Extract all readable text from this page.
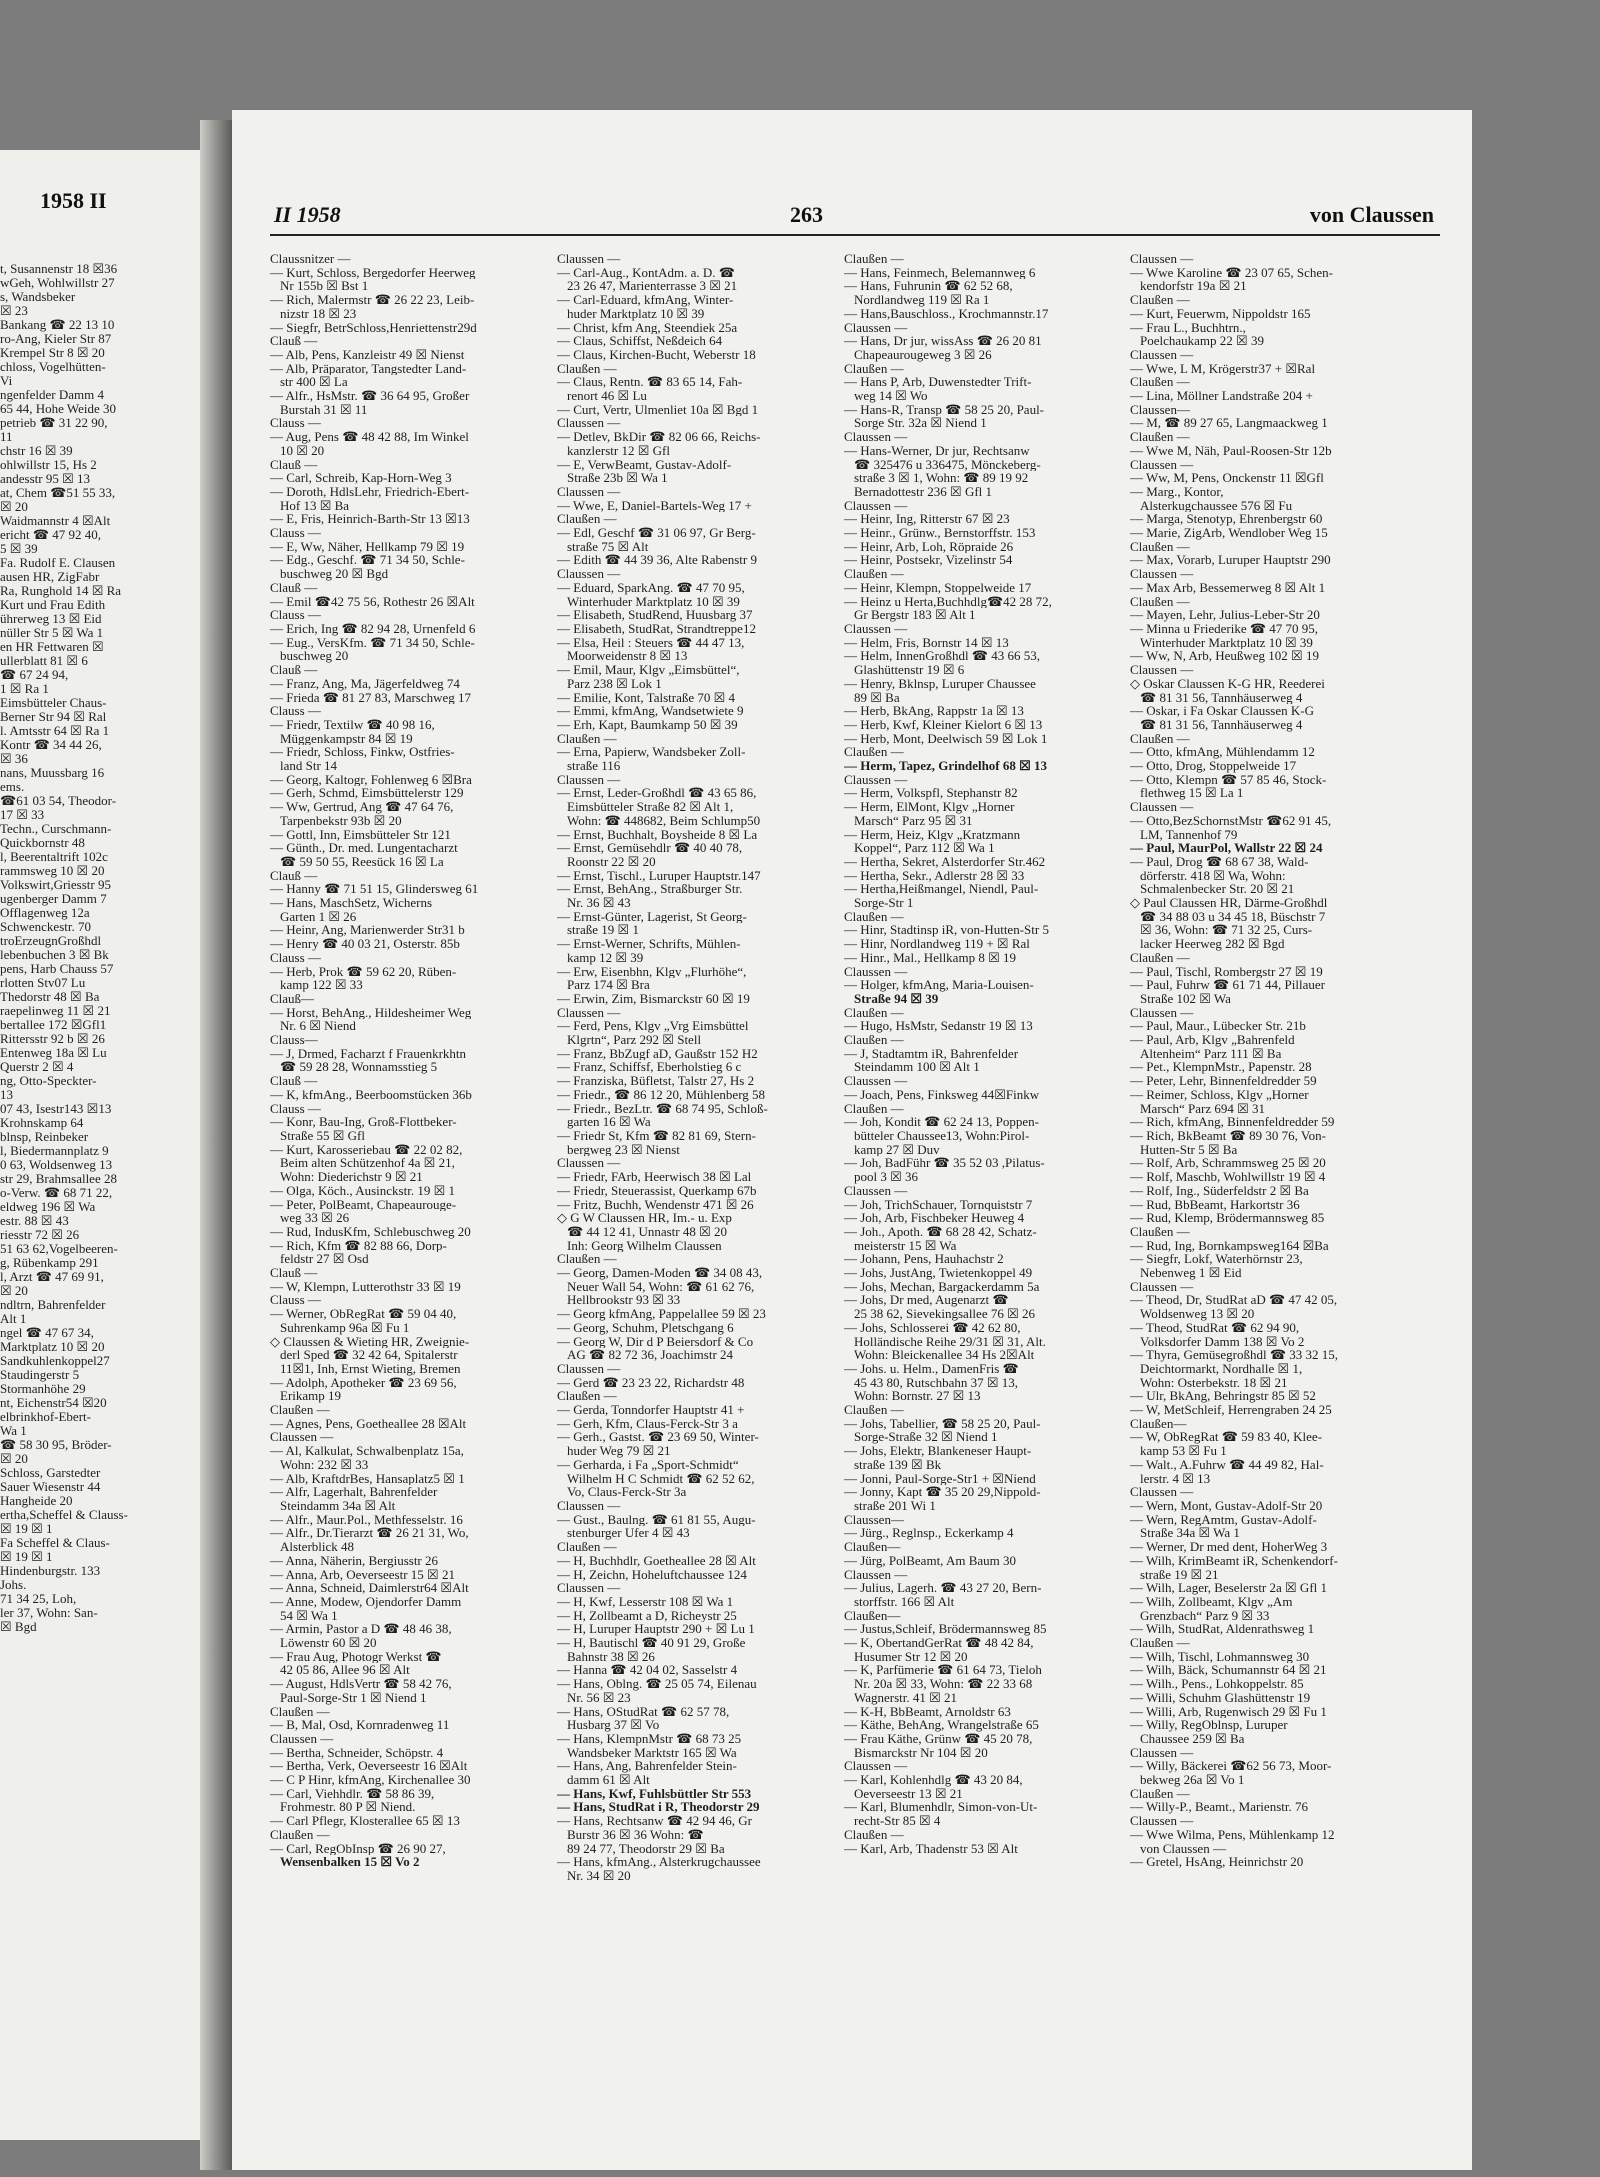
1958 II
t, Susannenstr 18 ☒36
wGeh, Wohlwillstr 27
s, Wandsbeker
☒ 23
Bankang ☎ 22 13 10
ro-Ang, Kieler Str 87
Krempel Str 8 ☒ 20
chloss, Vogelhütten-
Vi
ngenfelder Damm 4
65 44, Hohe Weide 30
petrieb ☎ 31 22 90,
11
chstr 16 ☒ 39
ohlwillstr 15, Hs 2
andesstr 95 ☒ 13
at, Chem ☎51 55 33,
☒ 20
Waidmannstr 4 ☒Alt
ericht ☎ 47 92 40,
5 ☒ 39
Fa. Rudolf E. Clausen
ausen HR, ZigFabr
Ra, Runghold 14 ☒ Ra
Kurt und Frau Edith
ührerweg 13 ☒ Eid
nüller Str 5 ☒ Wa 1
en HR Fettwaren ☒
ullerblatt 81 ☒ 6
☎ 67 24 94,
1 ☒ Ra 1
Eimsbütteler Chaus-
Berner Str 94 ☒ Ral
l. Amtsstr 64 ☒ Ra 1
Kontr ☎ 34 44 26,
☒ 36
nans, Muussbarg 16
ems.
☎61 03 54, Theodor-
17 ☒ 33
Techn., Curschmann-
Quickbornstr 48
l, Beerentaltrift 102c
rammsweg 10 ☒ 20
Volkswirt,Griesstr 95
ugenberger Damm 7
Offlagenweg 12a
Schwenckestr. 70
troErzeugnGroßhdl
lebenbuchen 3 ☒ Bk
pens, Harb Chauss 57
rlotten Stv07 Lu
Thedorstr 48 ☒ Ba
raepelinweg 11 ☒ 21
bertallee 172 ☒Gfl1
Rittersstr 92 b ☒ 26
Entenweg 18a ☒ Lu
Querstr 2 ☒ 4
ng, Otto-Speckter-
13
07 43, Isestr143 ☒13
Krohnskamp 64
blnsp, Reinbeker
l, Biedermannplatz 9
0 63, Woldsenweg 13
str 29, Brahmsallee 28
o-Verw. ☎ 68 71 22,
eldweg 196 ☒ Wa
estr. 88 ☒ 43
riesstr 72 ☒ 26
51 63 62,Vogelbeeren-
g, Rübenkamp 291
l, Arzt ☎ 47 69 91,
☒ 20
ndltrn, Bahrenfelder
Alt 1
ngel ☎ 47 67 34,
Marktplatz 10 ☒ 20
Sandkuhlenkoppel27
Staudingerstr 5
Stormanhöhe 29
nt, Eichenstr54 ☒20
elbrinkhof-Ebert-
Wa 1
☎ 58 30 95, Bröder-
☒ 20
Schloss, Garstedter
Sauer Wiesenstr 44
Hangheide 20
ertha,Scheffel & Clauss-
☒ 19 ☒ 1
Fa Scheffel & Claus-
☒ 19 ☒ 1
Hindenburgstr. 133
Johs.
71 34 25, Loh,
ler 37, Wohn: San-
☒ Bgd
II 1958	263	von Claussen
Claussnitzer —
— Kurt, Schloss, Bergedorfer Heerweg
Nr 155b ☒ Bst 1
— Rich, Malermstr ☎ 26 22 23, Leib-
nizstr 18 ☒ 23
— Siegfr, BetrSchloss,Henriettenstr29d
Clauß —
— Alb, Pens, Kanzleistr 49 ☒ Nienst
— Alb, Präparator, Tangstedter Land-
str 400 ☒ La
— Alfr., HsMstr. ☎ 36 64 95, Großer
Burstah 31 ☒ 11
Clauss —
— Aug, Pens ☎ 48 42 88, Im Winkel
10 ☒ 20
Clauß —
— Carl, Schreib, Kap-Horn-Weg 3
— Doroth, HdlsLehr, Friedrich-Ebert-
Hof 13 ☒ Ba
— E, Fris, Heinrich-Barth-Str 13 ☒13
Clauss —
— E, Ww, Näher, Hellkamp 79 ☒ 19
— Edg., Geschf. ☎ 71 34 50, Schle-
buschweg 20 ☒ Bgd
Clauß —
— Emil ☎42 75 56, Rothestr 26 ☒Alt
Clauss —
— Erich, Ing ☎ 82 94 28, Urnenfeld 6
— Eug., VersKfm. ☎ 71 34 50, Schle-
buschweg 20
Clauß —
— Franz, Ang, Ma, Jägerfeldweg 74
— Frieda ☎ 81 27 83, Marschweg 17
Clauss —
— Friedr, Textilw ☎ 40 98 16,
Müggenkampstr 84 ☒ 19
— Friedr, Schloss, Finkw, Ostfries-
land Str 14
— Georg, Kaltogr, Fohlenweg 6 ☒Bra
— Gerh, Schmd, Eimsbüttelerstr 129
— Ww, Gertrud, Ang ☎ 47 64 76,
Tarpenbekstr 93b ☒ 20
— Gottl, Inn, Eimsbütteler Str 121
— Günth., Dr. med. Lungentacharzt
☎ 59 50 55, Reesück 16 ☒ La
Clauß —
— Hanny ☎ 71 51 15, Glindersweg 61
— Hans, MaschSetz, Wicherns
Garten 1 ☒ 26
— Heinr, Ang, Marienwerder Str31 b
— Henry ☎ 40 03 21, Osterstr. 85b
Clauss —
— Herb, Prok ☎ 59 62 20, Rüben-
kamp 122 ☒ 33
Clauß—
— Horst, BehAng., Hildesheimer Weg
Nr. 6 ☒ Niend
Clauss—
— J, Drmed, Facharzt f Frauenkrkhtn
☎ 59 28 28, Wonnamsstieg 5
Clauß —
— K, kfmAng., Beerboomstücken 36b
Clauss —
— Konr, Bau-Ing, Groß-Flottbeker-
Straße 55 ☒ Gfl
— Kurt, Karosseriebau ☎ 22 02 82,
Beim alten Schützenhof 4a ☒ 21,
Wohn: Diederichstr 9 ☒ 21
— Olga, Köch., Ausinckstr. 19 ☒ 1
— Peter, PolBeamt, Chapeaurouge-
weg 33 ☒ 26
— Rud, IndusKfm, Schlebuschweg 20
— Rich, Kfm ☎ 82 88 66, Dorp-
feldstr 27 ☒ Osd
Clauß —
— W, Klempn, Lutterothstr 33 ☒ 19
Clauss —
— Werner, ObRegRat ☎ 59 04 40,
Suhrenkamp 96a ☒ Fu 1
◇ Claussen & Wieting HR, Zweignie-
derl Sped ☎ 32 42 64, Spitalerstr
11☒1, Inh, Ernst Wieting, Bremen
— Adolph, Apotheker ☎ 23 69 56,
Erikamp 19
Claußen —
— Agnes, Pens, Goetheallee 28 ☒Alt
Claussen —
— Al, Kalkulat, Schwalbenplatz 15a,
Wohn: 232 ☒ 33
— Alb, KraftdrBes, Hansaplatz5 ☒ 1
— Alfr, Lagerhalt, Bahrenfelder
Steindamm 34a ☒ Alt
— Alfr., Maur.Pol., Methfesselstr. 16
— Alfr., Dr.Tierarzt ☎ 26 21 31, Wo,
Alsterblick 48
— Anna, Näherin, Bergiusstr 26
— Anna, Arb, Oeverseestr 15 ☒ 21
— Anna, Schneid, Daimlerstr64 ☒Alt
— Anne, Modew, Ojendorfer Damm
54 ☒ Wa 1
— Armin, Pastor a D ☎ 48 46 38,
Löwenstr 60 ☒ 20
— Frau Aug, Photogr Werkst ☎
42 05 86, Allee 96 ☒ Alt
— August, HdlsVertr ☎ 58 42 76,
Paul-Sorge-Str 1 ☒ Niend 1
Claußen —
— B, Mal, Osd, Kornradenweg 11
Claussen —
— Bertha, Schneider, Schöpstr. 4
— Bertha, Verk, Oeverseestr 16 ☒Alt
— C P Hinr, kfmAng, Kirchenallee 30
— Carl, Viehhdlr. ☎ 58 86 39,
Frohmestr. 80 P ☒ Niend.
— Carl Pflegr, Klosterallee 65 ☒ 13
Claußen —
— Carl, RegObInsp ☎ 26 90 27,
Wensenbalken 15 ☒ Vo 2
Claussen —
— Carl-Aug., KontAdm. a. D. ☎
23 26 47, Marienterrasse 3 ☒ 21
— Carl-Eduard, kfmAng, Winter-
huder Marktplatz 10 ☒ 39
— Christ, kfm Ang, Steendiek 25a
— Claus, Schiffst, Neßdeich 64
— Claus, Kirchen-Bucht, Weberstr 18
Claußen —
— Claus, Rentn. ☎ 83 65 14, Fah-
renort 46 ☒ Lu
— Curt, Vertr, Ulmenliet 10a ☒ Bgd 1
Claussen —
— Detlev, BkDir ☎ 82 06 66, Reichs-
kanzlerstr 12 ☒ Gfl
— E, VerwBeamt, Gustav-Adolf-
Straße 23b ☒ Wa 1
Claussen —
— Wwe, E, Daniel-Bartels-Weg 17 +
Claußen —
— Edl, Geschf ☎ 31 06 97, Gr Berg-
straße 75 ☒ Alt
— Edith ☎ 44 39 36, Alte Rabenstr 9
Claussen —
— Eduard, SparkAng. ☎ 47 70 95,
Winterhuder Marktplatz 10 ☒ 39
— Elisabeth, StudRend, Huusbarg 37
— Elisabeth, StudRat, Strandtreppe12
— Elsa, Heil : Steuers ☎ 44 47 13,
Moorweidenstr 8 ☒ 13
— Emil, Maur, Klgv „Eimsbüttel“,
Parz 238 ☒ Lok 1
— Emilie, Kont, Talstraße 70 ☒ 4
— Emmi, kfmAng, Wandsetwiete 9
— Erh, Kapt, Baumkamp 50 ☒ 39
Claußen —
— Erna, Papierw, Wandsbeker Zoll-
straße 116
Claussen —
— Ernst, Leder-Großhdl ☎ 43 65 86,
Eimsbütteler Straße 82 ☒ Alt 1,
Wohn: ☎ 448682, Beim Schlump50
— Ernst, Buchhalt, Boysheide 8 ☒ La
— Ernst, Gemüsehdlr ☎ 40 40 78,
Roonstr 22 ☒ 20
— Ernst, Tischl., Luruper Hauptstr.147
— Ernst, BehAng., Straßburger Str.
Nr. 36 ☒ 43
— Ernst-Günter, Lagerist, St Georg-
straße 19 ☒ 1
— Ernst-Werner, Schrifts, Mühlen-
kamp 12 ☒ 39
— Erw, Eisenbhn, Klgv „Flurhöhe“,
Parz 174 ☒ Bra
— Erwin, Zim, Bismarckstr 60 ☒ 19
Claussen —
— Ferd, Pens, Klgv „Vrg Eimsbüttel
Klgrtn“, Parz 292 ☒ Stell
— Franz, BbZugf aD, Gaußstr 152 H2
— Franz, Schiffsf, Eberholstieg 6 c
— Franziska, Büfletst, Talstr 27, Hs 2
— Friedr., ☎ 86 12 20, Mühlenberg 58
— Friedr., BezLtr. ☎ 68 74 95, Schloß-
garten 16 ☒ Wa
— Friedr St, Kfm ☎ 82 81 69, Stern-
bergweg 23 ☒ Nienst
Claussen —
— Friedr, FArb, Heerwisch 38 ☒ Lal
— Friedr, Steuerassist, Querkamp 67b
— Fritz, Buchh, Wendenstr 471 ☒ 26
◇ G W Claussen HR, Im.- u. Exp
☎ 44 12 41, Unnastr 48 ☒ 20
Inh: Georg Wilhelm Claussen
Claußen —
— Georg, Damen-Moden ☎ 34 08 43,
Neuer Wall 54, Wohn: ☎ 61 62 76,
Hellbrookstr 93 ☒ 33
— Georg kfmAng, Pappelallee 59 ☒ 23
— Georg, Schuhm, Pletschgang 6
— Georg W, Dir d P Beiersdorf & Co
AG ☎ 82 72 36, Joachimstr 24
Claussen —
— Gerd ☎ 23 23 22, Richardstr 48
Claußen —
— Gerda, Tonndorfer Hauptstr 41 +
— Gerh, Kfm, Claus-Ferck-Str 3 a
— Gerh., Gastst. ☎ 23 69 50, Winter-
huder Weg 79 ☒ 21
— Gerhardа, i Fa „Sport-Schmidt“
Wilhelm H C Schmidt ☎ 62 52 62,
Vo, Claus-Ferck-Str 3a
Claussen —
— Gust., Baulng. ☎ 61 81 55, Augu-
stenburger Ufer 4 ☒ 43
Claußen —
— H, Buchhdlr, Goetheallee 28 ☒ Alt
— H, Zeichn, Hoheluftchaussee 124
Claussen —
— H, Kwf, Lesserstr 108 ☒ Wa 1
— H, Zollbeamt a D, Richeystr 25
— H, Luruper Hauptstr 290 + ☒ Lu 1
— H, Bautischl ☎ 40 91 29, Große
Bahnstr 38 ☒ 26
— Hanna ☎ 42 04 02, Sasselstr 4
— Hans, Oblng. ☎ 25 05 74, Eilenau
Nr. 56 ☒ 23
— Hans, OStudRat ☎ 62 57 78,
Husbarg 37 ☒ Vo
— Hans, KlempnMstr ☎ 68 73 25
Wandsbeker Marktstr 165 ☒ Wa
— Hans, Ang, Bahrenfelder Stein-
damm 61 ☒ Alt
— Hans, Kwf, Fuhlsbüttler Str 553
— Hans, StudRat i R, Theodorstr 29
— Hans, Rechtsanw ☎ 42 94 46, Gr
Burstr 36 ☒ 36 Wohn: ☎
89 24 77, Theodorstr 29 ☒ Ba
— Hans, kfmAng., Alsterkrugchaussee
Nr. 34 ☒ 20
Claußen —
— Hans, Feinmech, Belemannweg 6
— Hans, Fuhrunin ☎ 62 52 68,
Nordlandweg 119 ☒ Ra 1
— Hans,Bauschloss., Krochmannstr.17
Claussen —
— Hans, Dr jur, wissAss ☎ 26 20 81
Chapeaurougeweg 3 ☒ 26
Claußen —
— Hans P, Arb, Duwenstedter Trift-
weg 14 ☒ Wo
— Hans-R, Transp ☎ 58 25 20, Paul-
Sorge Str. 32a ☒ Niend 1
Claussen —
— Hans-Werner, Dr jur, Rechtsanw
☎ 325476 u 336475, Mönckeberg-
straße 3 ☒ 1, Wohn: ☎ 89 19 92
Bernadottestr 236 ☒ Gfl 1
Claussen —
— Heinr, Ing, Ritterstr 67 ☒ 23
— Heinr., Grünw., Bernstorffstr. 153
— Heinr, Arb, Loh, Röpraide 26
— Heinr, Postsekr, Vizelinstr 54
Claußen —
— Heinr, Klempn, Stoppelweide 17
— Heinz u Herta,Buchhdlg☎42 28 72,
Gr Bergstr 183 ☒ Alt 1
Claussen —
— Helm, Fris, Bornstr 14 ☒ 13
— Helm, InnenGroßhdl ☎ 43 66 53,
Glashüttenstr 19 ☒ 6
— Henry, Bklnsp, Luruper Chaussee
89 ☒ Ba
— Herb, BkAng, Rappstr 1a ☒ 13
— Herb, Kwf, Kleiner Kielort 6 ☒ 13
— Herb, Mont, Deelwisch 59 ☒ Lok 1
Claußen —
— Herm, Tapez, Grindelhof 68 ☒ 13
Claussen —
— Herm, Volkspfl, Stephanstr 82
— Herm, ElMont, Klgv „Horner
Marsch“ Parz 95 ☒ 31
— Herm, Heiz, Klgv „Kratzmann
Koppel“, Parz 112 ☒ Wa 1
— Hertha, Sekret, Alsterdorfer Str.462
— Hertha, Sekr., Adlerstr 28 ☒ 33
— Hertha,Heißmangel, Niendl, Paul-
Sorge-Str 1
Claußen —
— Hinr, Stadtinsp iR, von-Hutten-Str 5
— Hinr, Nordlandweg 119 + ☒ Ral
— Hinr., Mal., Hellkamp 8 ☒ 19
Claussen —
— Holger, kfmAng, Maria-Louisen-
Straße 94 ☒ 39
Claußen —
— Hugo, HsMstr, Sedanstr 19 ☒ 13
Claußen —
— J, Stadtamtm iR, Bahrenfelder
Steindamm 100 ☒ Alt 1
Claussen —
— Joach, Pens, Finksweg 44☒Finkw
Claußen —
— Joh, Kondit ☎ 62 24 13, Poppen-
bütteler Chaussee13, Wohn:Pirol-
kamp 27 ☒ Duv
— Joh, BadFühr ☎ 35 52 03 ,Pilatus-
pool 3 ☒ 36
Claussen —
— Joh, TrichSchauer, Tornquiststr 7
— Joh, Arb, Fischbeker Heuweg 4
— Joh., Apoth. ☎ 68 28 42, Schatz-
meisterstr 15 ☒ Wa
— Johann, Pens, Hauhachstr 2
— Johs, JustAng, Twietenkoppel 49
— Johs, Mechan, Bargackerdamm 5a
— Johs, Dr med, Augenarzt ☎
25 38 62, Sievekingsallee 76 ☒ 26
— Johs, Schlosserei ☎ 42 62 80,
Holländische Reihe 29/31 ☒ 31, Alt.
Wohn: Bleickenallee 34 Hs 2☒Alt
— Johs. u. Helm., DamenFris ☎
45 43 80, Rutschbahn 37 ☒ 13,
Wohn: Bornstr. 27 ☒ 13
Claußen —
— Johs, Tabellier, ☎ 58 25 20, Paul-
Sorge-Straße 32 ☒ Niend 1
— Johs, Elektr, Blankeneser Haupt-
straße 139 ☒ Bk
— Jonni, Paul-Sorge-Str1 + ☒Niend
— Jonny, Kapt ☎ 35 20 29,Nippold-
straße 201 Wi 1
Claussen—
— Jürg., Reglnsp., Eckerkamp 4
Claußen—
— Jürg, PolBeamt, Am Baum 30
Claussen —
— Julius, Lagerh. ☎ 43 27 20, Bern-
storffstr. 166 ☒ Alt
Claußen—
— Justus,Schleif, Brödermannsweg 85
— K, ObertandGerRat ☎ 48 42 84,
Husumer Str 12 ☒ 20
— K, Parfümerie ☎ 61 64 73, Tieloh
Nr. 20a ☒ 33, Wohn: ☎ 22 33 68
Wagnerstr. 41 ☒ 21
— K-H, BbBeamt, Arnoldstr 63
— Käthe, BehAng, Wrangelstraße 65
— Frau Käthe, Grünw ☎ 45 20 78,
Bismarckstr Nr 104 ☒ 20
Claussen —
— Karl, Kohlenhdlg ☎ 43 20 84,
Oeverseestr 13 ☒ 21
— Karl, Blumenhdlr, Simon-von-Ut-
recht-Str 85 ☒ 4
Claußen —
— Karl, Arb, Thadenstr 53 ☒ Alt
Claussen —
— Wwe Karoline ☎ 23 07 65, Schen-
kendorfstr 19a ☒ 21
Claußen —
— Kurt, Feuerwm, Nippoldstr 165
— Frau L., Buchhtrn.,
Poelchaukamp 22 ☒ 39
Claussen —
— Wwe, L M, Krögerstr37 + ☒Ral
Claußen —
— Lina, Möllner Landstraße 204 +
Claussen—
— M, ☎ 89 27 65, Langmaackweg 1
Claußen —
— Wwe M, Näh, Paul-Roosen-Str 12b
Claussen —
— Ww, M, Pens, Onckenstr 11 ☒Gfl
— Marg., Kontor,
Alsterkugchaussee 576 ☒ Fu
— Marga, Stenotyp, Ehrenbergstr 60
— Marie, ZigArb, Wendlober Weg 15
Claußen —
— Max, Vorarb, Luruper Hauptstr 290
Claussen —
— Max Arb, Bessemerweg 8 ☒ Alt 1
Claußen —
— Mayen, Lehr, Julius-Leber-Str 20
— Minna u Friederike ☎ 47 70 95,
Winterhuder Marktplatz 10 ☒ 39
— Ww, N, Arb, Heußweg 102 ☒ 19
Claussen —
◇ Oskar Claussen K-G HR, Reederei
☎ 81 31 56, Tannhäuserweg 4
— Oskar, i Fa Oskar Claussen K-G
☎ 81 31 56, Tannhäuserweg 4
Claußen —
— Otto, kfmAng, Mühlendamm 12
— Otto, Drog, Stoppelweide 17
— Otto, Klempn ☎ 57 85 46, Stock-
flethweg 15 ☒ La 1
Claussen —
— Otto,BezSchornstMstr ☎62 91 45,
LM, Tannenhof 79
— Paul, MaurPol, Wallstr 22 ☒ 24
— Paul, Drog ☎ 68 67 38, Wald-
dörferstr. 418 ☒ Wa, Wohn:
Schmalenbecker Str. 20 ☒ 21
◇ Paul Claussen HR, Därme-Großhdl
☎ 34 88 03 u 34 45 18, Büschstr 7
☒ 36, Wohn: ☎ 71 32 25, Curs-
lacker Heerweg 282 ☒ Bgd
Claußen —
— Paul, Tischl, Rombergstr 27 ☒ 19
— Paul, Fuhrw ☎ 61 71 44, Pillauer
Straße 102 ☒ Wa
Claussen —
— Paul, Maur., Lübecker Str. 21b
— Paul, Arb, Klgv „Bahrenfeld
Altenheim“ Parz 111 ☒ Ba
— Pet., KlempnMstr., Papenstr. 28
— Peter, Lehr, Binnenfeldredder 59
— Reimer, Schloss, Klgv „Horner
Marsch“ Parz 694 ☒ 31
— Rich, kfmAng, Binnenfeldredder 59
— Rich, BkBeamt ☎ 89 30 76, Von-
Hutten-Str 5 ☒ Ba
— Rolf, Arb, Schrammsweg 25 ☒ 20
— Rolf, Maschb, Wohlwillstr 19 ☒ 4
— Rolf, Ing., Süderfeldstr 2 ☒ Ba
— Rud, BbBeamt, Harkortstr 36
— Rud, Klemp, Brödermannsweg 85
Claußen —
— Rud, Ing, Bornkampsweg164 ☒Ba
— Siegfr, Lokf, Waterhörnstr 23,
Nebenweg 1 ☒ Eid
Claussen —
— Theod, Dr, StudRat aD ☎ 47 42 05,
Woldsenweg 13 ☒ 20
— Theod, StudRat ☎ 62 94 90,
Volksdorfer Damm 138 ☒ Vo 2
— Thyra, Gemüsegroßhdl ☎ 33 32 15,
Deichtormarkt, Nordhalle ☒ 1,
Wohn: Osterbekstr. 18 ☒ 21
— Ulr, BkAng, Behringstr 85 ☒ 52
— W, MetSchleif, Herrengraben 24 25
Claußen—
— W, ObRegRat ☎ 59 83 40, Klee-
kamp 53 ☒ Fu 1
— Walt., A.Fuhrw ☎ 44 49 82, Hal-
lerstr. 4 ☒ 13
Claussen —
— Wern, Mont, Gustav-Adolf-Str 20
— Wern, RegAmtm, Gustav-Adolf-
Straße 34a ☒ Wa 1
— Werner, Dr med dent, HoherWeg 3
— Wilh, KrimBeamt iR, Schenkendorf-
straße 19 ☒ 21
— Wilh, Lager, Beselerstr 2a ☒ Gfl 1
— Wilh, Zollbeamt, Klgv „Am
Grenzbach“ Parz 9 ☒ 33
— Wilh, StudRat, Aldenrathsweg 1
Claußen —
— Wilh, Tischl, Lohmannsweg 30
— Wilh, Bäck, Schumannstr 64 ☒ 21
— Wilh., Pens., Lohkoppelstr. 85
— Willi, Schuhm Glashüttenstr 19
— Willi, Arb, Rugenwisch 29 ☒ Fu 1
— Willy, RegOblnsp, Luruper
Chaussee 259 ☒ Ba
Claussen —
— Willy, Bäckerei ☎62 56 73, Moor-
bekweg 26a ☒ Vo 1
Claußen —
— Willy-P., Beamt., Marienstr. 76
Claussen —
— Wwe Wilma, Pens, Mühlenkamp 12
von Claussen —
— Gretel, HsAng, Heinrichstr 20
